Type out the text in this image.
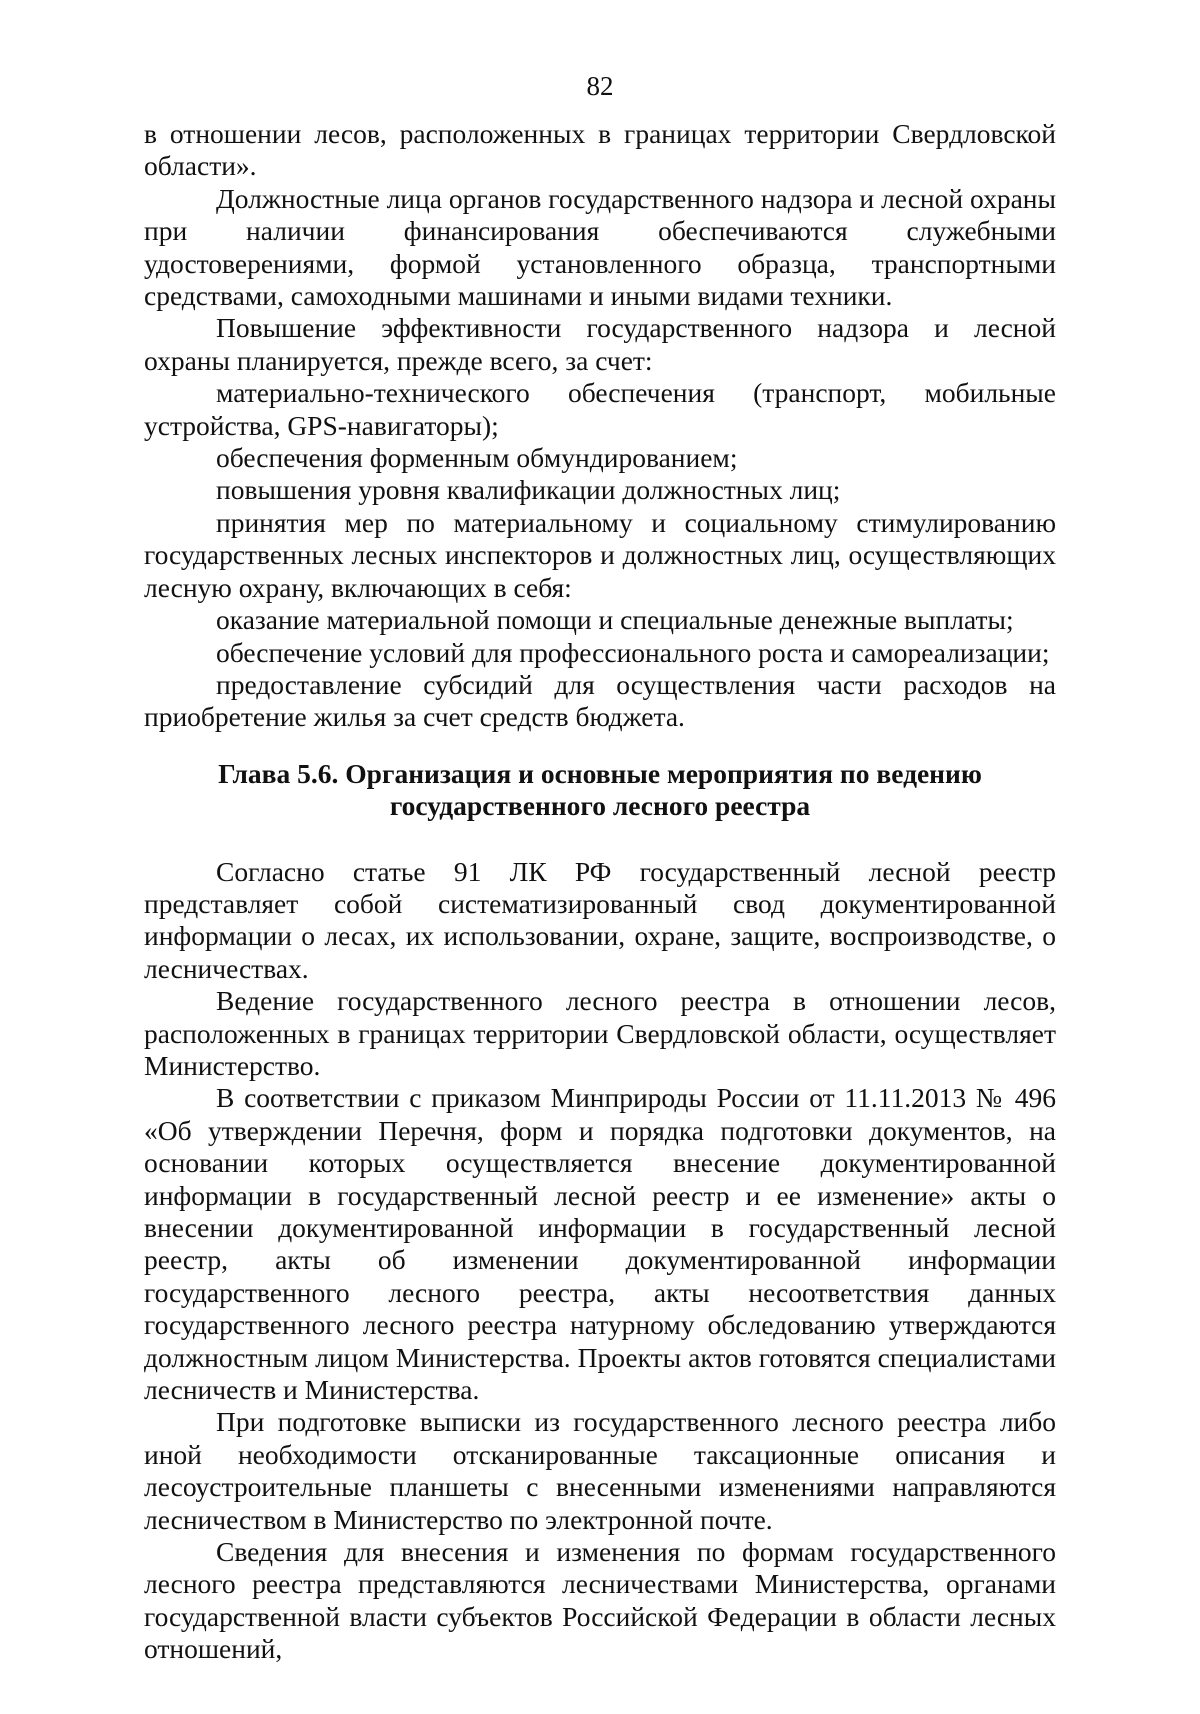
82

в отношении лесов, расположенных в границах территории Свердловской области».

Должностные лица органов государственного надзора и лесной охраны при наличии финансирования обеспечиваются служебными удостоверениями, формой установленного образца, транспортными средствами, самоходными машинами и иными видами техники.

Повышение эффективности государственного надзора и лесной охраны планируется, прежде всего, за счет:

материально-технического обеспечения (транспорт, мобильные устройства, GPS-навигаторы);

обеспечения форменным обмундированием;

повышения уровня квалификации должностных лиц;

принятия мер по материальному и социальному стимулированию государственных лесных инспекторов и должностных лиц, осуществляющих лесную охрану, включающих в себя:

оказание материальной помощи и специальные денежные выплаты;

обеспечение условий для профессионального роста и самореализации;

предоставление субсидий для осуществления части расходов на приобретение жилья за счет средств бюджета.

Глава 5.6. Организация и основные мероприятия по ведению
государственного лесного реестра

Согласно статье 91 ЛК РФ государственный лесной реестр представляет собой систематизированный свод документированной информации о лесах, их использовании, охране, защите, воспроизводстве, о лесничествах.

Ведение государственного лесного реестра в отношении лесов, расположенных в границах территории Свердловской области, осуществляет Министерство.

В соответствии с приказом Минприроды России от 11.11.2013 № 496 «Об утверждении Перечня, форм и порядка подготовки документов, на основании которых осуществляется внесение документированной информации в государственный лесной реестр и ее изменение» акты о внесении документированной информации в государственный лесной реестр, акты об изменении документированной информации государственного лесного реестра, акты несоответствия данных государственного лесного реестра натурному обследованию утверждаются должностным лицом Министерства. Проекты актов готовятся специалистами лесничеств и Министерства.

При подготовке выписки из государственного лесного реестра либо иной необходимости отсканированные таксационные описания и лесоустроительные планшеты с внесенными изменениями направляются лесничеством в Министерство по электронной почте.

Сведения для внесения и изменения по формам государственного лесного реестра представляются лесничествами Министерства, органами государственной власти субъектов Российской Федерации в области лесных отношений,
